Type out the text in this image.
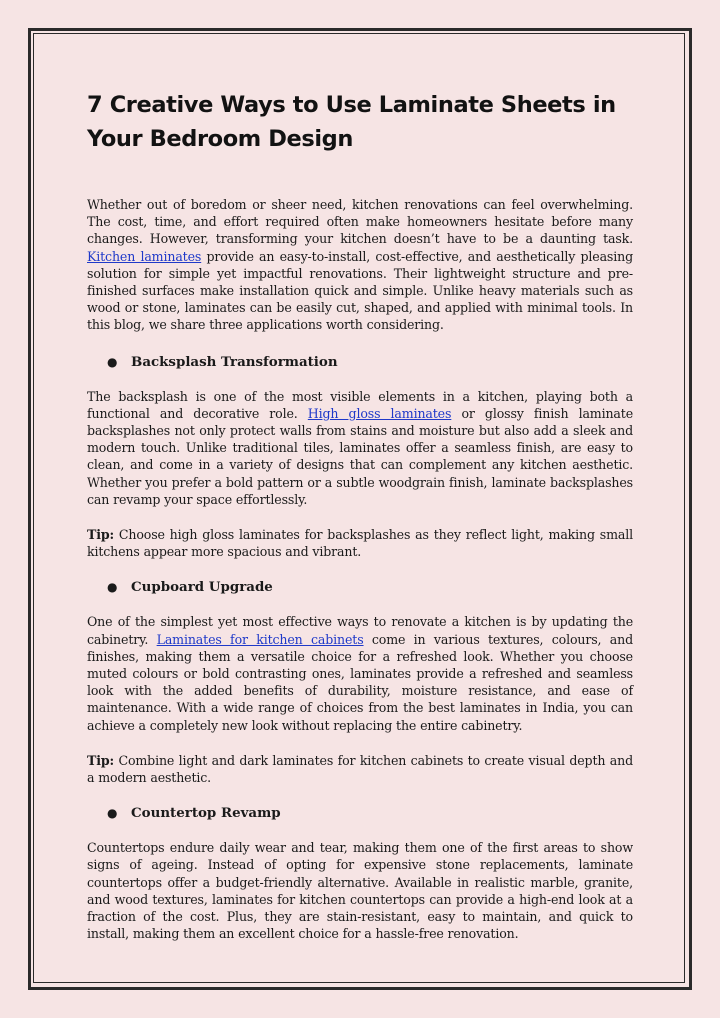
7 Creative Ways to Use Laminate Sheets in Your Bedroom Design

Whether out of boredom or sheer need, kitchen renovations can feel overwhelming. The cost, time, and effort required often make homeowners hesitate before many changes. However, transforming your kitchen doesn’t have to be a daunting task. Kitchen laminates provide an easy-to-install, cost-effective, and aesthetically pleasing solution for simple yet impactful renovations. Their lightweight structure and pre-finished surfaces make installation quick and simple. Unlike heavy materials such as wood or stone, laminates can be easily cut, shaped, and applied with minimal tools. In this blog, we share three applications worth considering.

●	Backsplash Transformation

The backsplash is one of the most visible elements in a kitchen, playing both a functional and decorative role. High gloss laminates or glossy finish laminate backsplashes not only protect walls from stains and moisture but also add a sleek and modern touch. Unlike traditional tiles, laminates offer a seamless finish, are easy to clean, and come in a variety of designs that can complement any kitchen aesthetic. Whether you prefer a bold pattern or a subtle woodgrain finish, laminate backsplashes can revamp your space effortlessly.

Tip: Choose high gloss laminates for backsplashes as they reflect light, making small kitchens appear more spacious and vibrant.

●	Cupboard Upgrade

One of the simplest yet most effective ways to renovate a kitchen is by updating the cabinetry. Laminates for kitchen cabinets come in various textures, colours, and finishes, making them a versatile choice for a refreshed look. Whether you choose muted colours or bold contrasting ones, laminates provide a refreshed and seamless look with the added benefits of durability, moisture resistance, and ease of maintenance. With a wide range of choices from the best laminates in India, you can achieve a completely new look without replacing the entire cabinetry.

Tip: Combine light and dark laminates for kitchen cabinets to create visual depth and a modern aesthetic.

●	Countertop Revamp

Countertops endure daily wear and tear, making them one of the first areas to show signs of ageing. Instead of opting for expensive stone replacements, laminate countertops offer a budget-friendly alternative. Available in realistic marble, granite, and wood textures, laminates for kitchen countertops can provide a high-end look at a fraction of the cost. Plus, they are stain-resistant, easy to maintain, and quick to install, making them an excellent choice for a hassle-free renovation.
